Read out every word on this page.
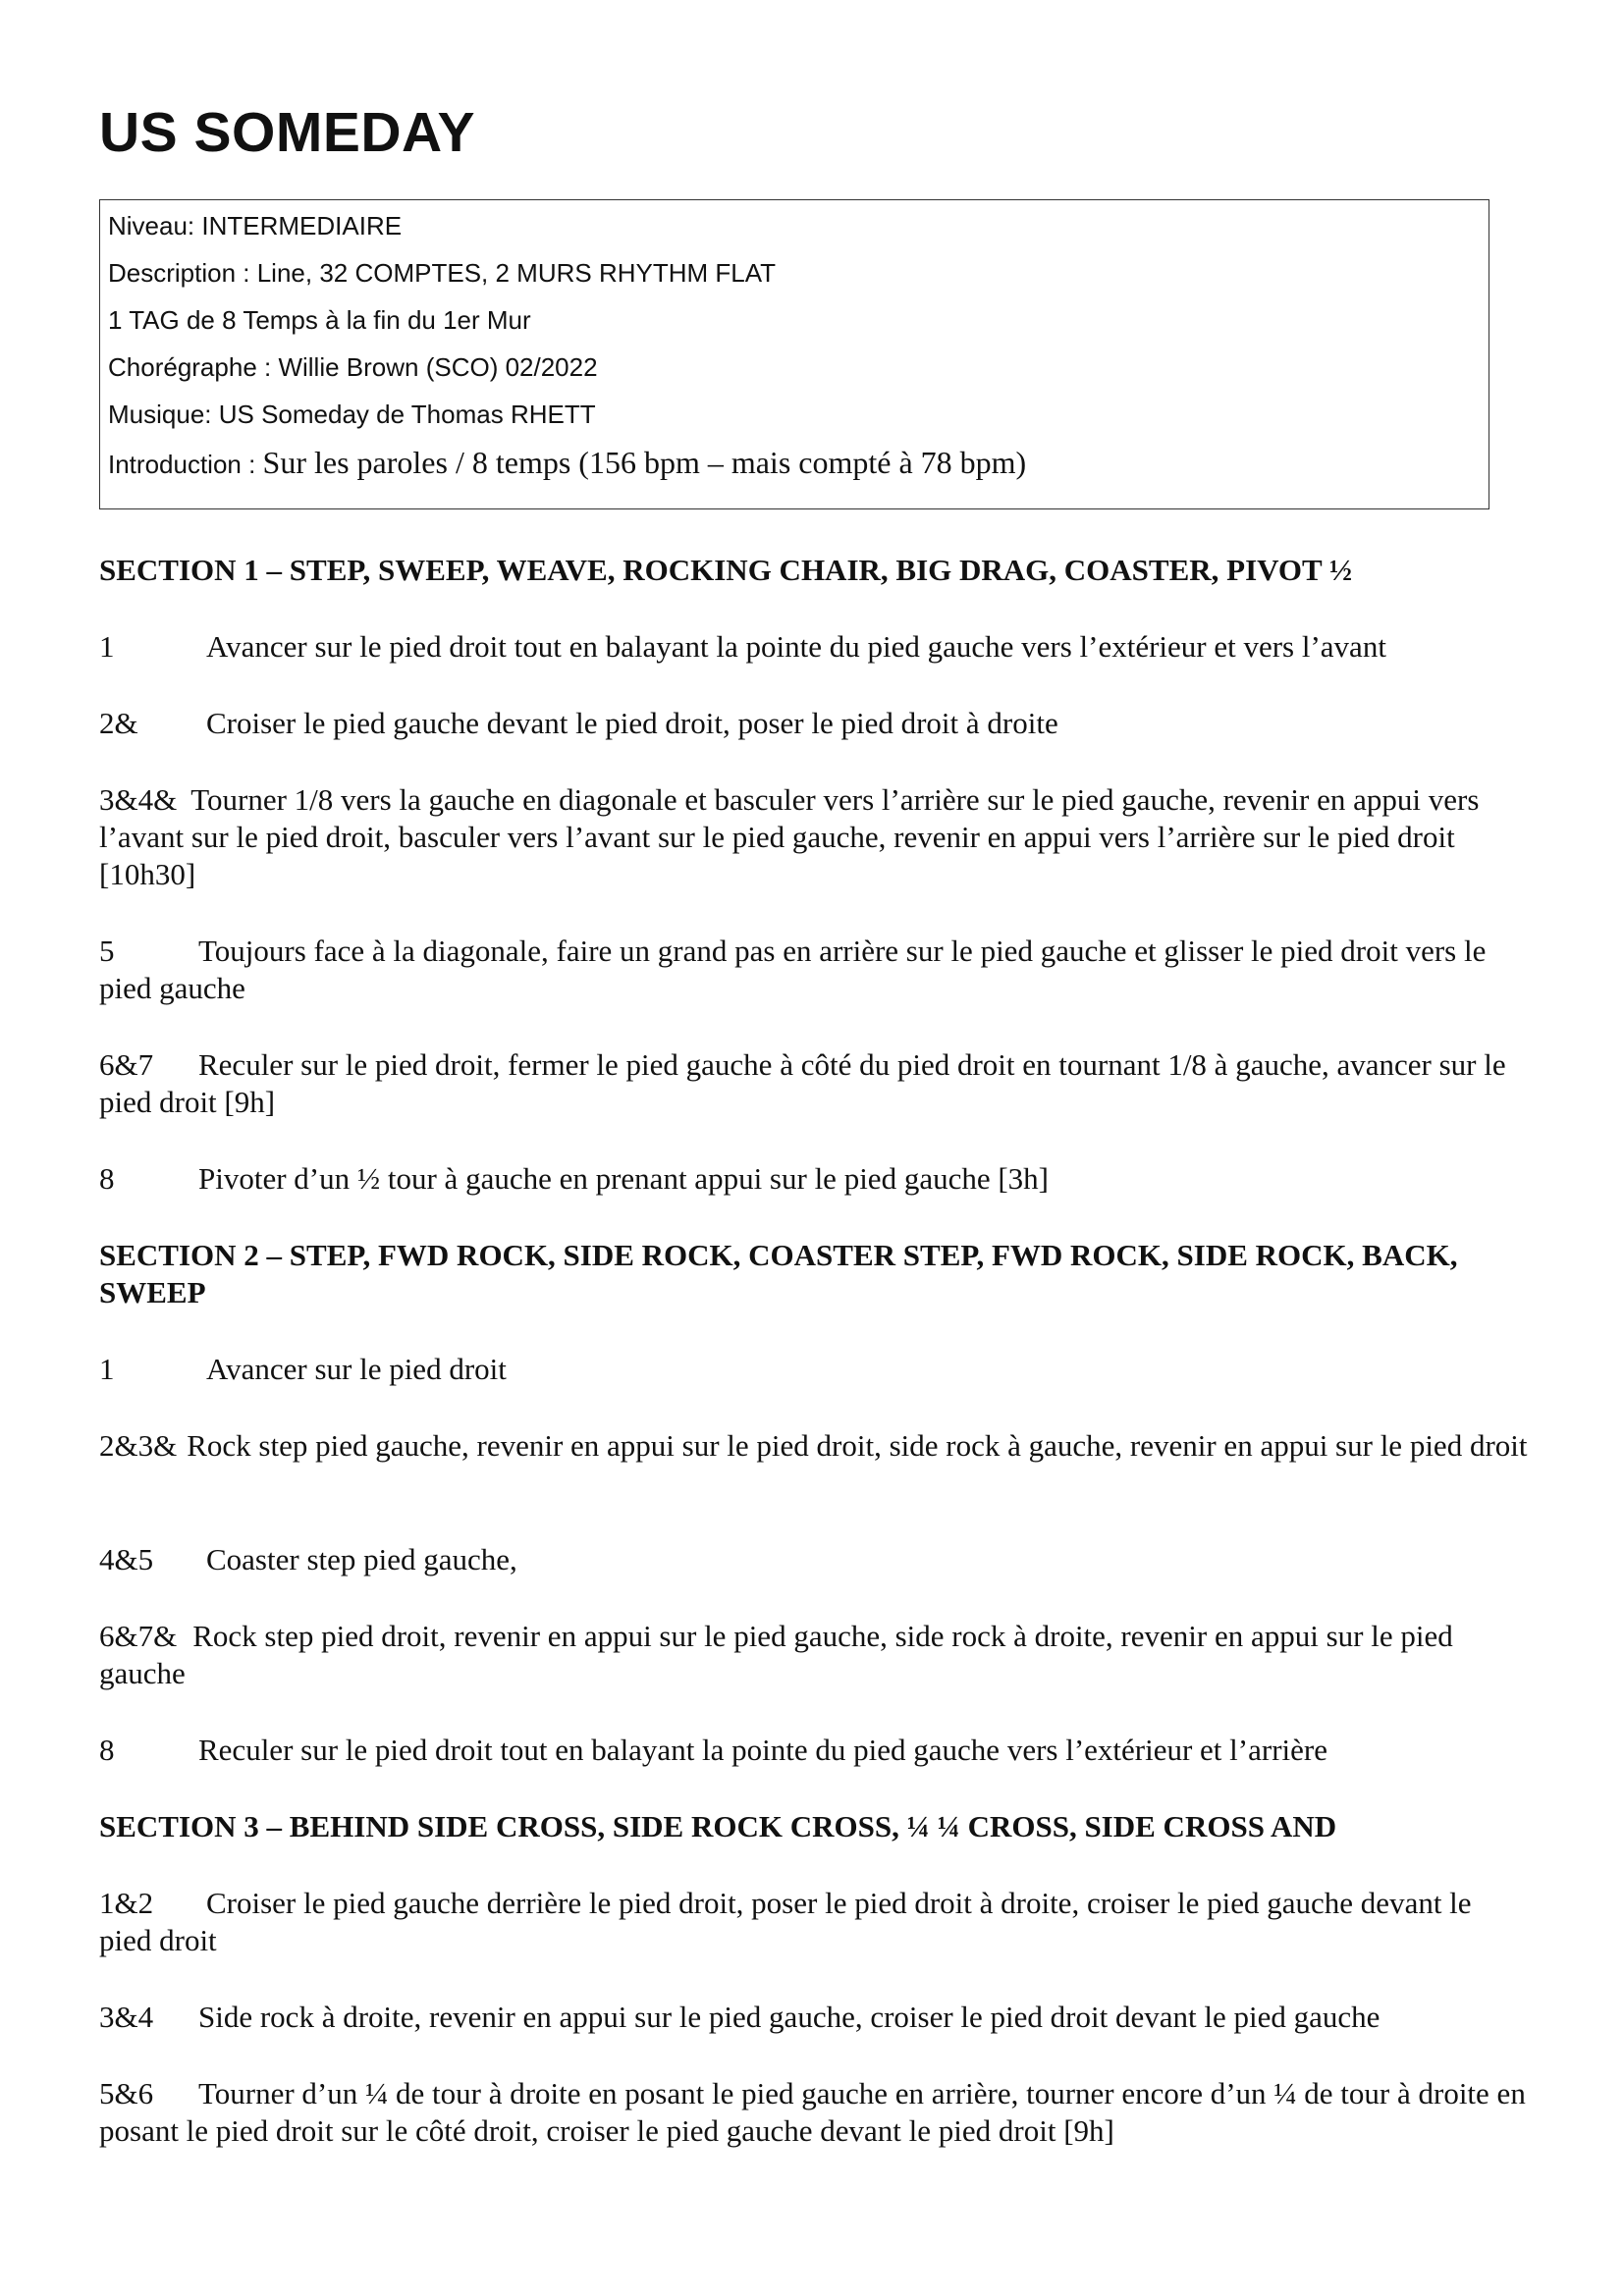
US SOMEDAY
Niveau: INTERMEDIAIRE
Description : Line, 32 COMPTES, 2 MURS RHYTHM FLAT
1 TAG de 8 Temps à la fin du 1er Mur
Chorégraphe : Willie Brown (SCO) 02/2022
Musique: US Someday de Thomas RHETT
Introduction : Sur les paroles / 8 temps (156 bpm – mais compté à 78 bpm)
SECTION 1 – STEP, SWEEP, WEAVE, ROCKING CHAIR, BIG DRAG, COASTER, PIVOT ½
1	Avancer sur le pied droit tout en balayant la pointe du pied gauche vers l’extérieur et vers l’avant
2& Croiser le pied gauche devant le pied droit, poser le pied droit à droite
3&4& Tourner 1/8 vers la gauche en diagonale et basculer vers l’arrière sur le pied gauche, revenir en appui vers l’avant sur le pied droit, basculer vers l’avant sur le pied gauche, revenir en appui vers l’arrière sur le pied droit [10h30]
5	Toujours face à la diagonale, faire un grand pas en arrière sur le pied gauche et glisser le pied droit vers le pied gauche
6&7 Reculer sur le pied droit, fermer le pied gauche à côté du pied droit en tournant 1/8 à gauche, avancer sur le pied droit [9h]
8	Pivoter d’un ½ tour à gauche en prenant appui sur le pied gauche [3h]
SECTION 2 – STEP, FWD ROCK, SIDE ROCK, COASTER STEP, FWD ROCK, SIDE ROCK, BACK, SWEEP
1	Avancer sur le pied droit
2&3& Rock step pied gauche, revenir en appui sur le pied droit, side rock à gauche, revenir en appui sur le pied droit
4&5 Coaster step pied gauche,
6&7& Rock step pied droit, revenir en appui sur le pied gauche, side rock à droite, revenir en appui sur le pied gauche
8	Reculer sur le pied droit tout en balayant la pointe du pied gauche vers l’extérieur et l’arrière
SECTION 3 – BEHIND SIDE CROSS, SIDE ROCK CROSS, ¼ ¼ CROSS, SIDE CROSS AND
1&2 Croiser le pied gauche derrière le pied droit, poser le pied droit à droite, croiser le pied gauche devant le pied droit
3&4 Side rock à droite, revenir en appui sur le pied gauche, croiser le pied droit devant le pied gauche
5&6 Tourner d’un ¼ de tour à droite en posant le pied gauche en arrière, tourner encore d’un ¼ de tour à droite en posant le pied droit sur le côté droit, croiser le pied gauche devant le pied droit [9h]
